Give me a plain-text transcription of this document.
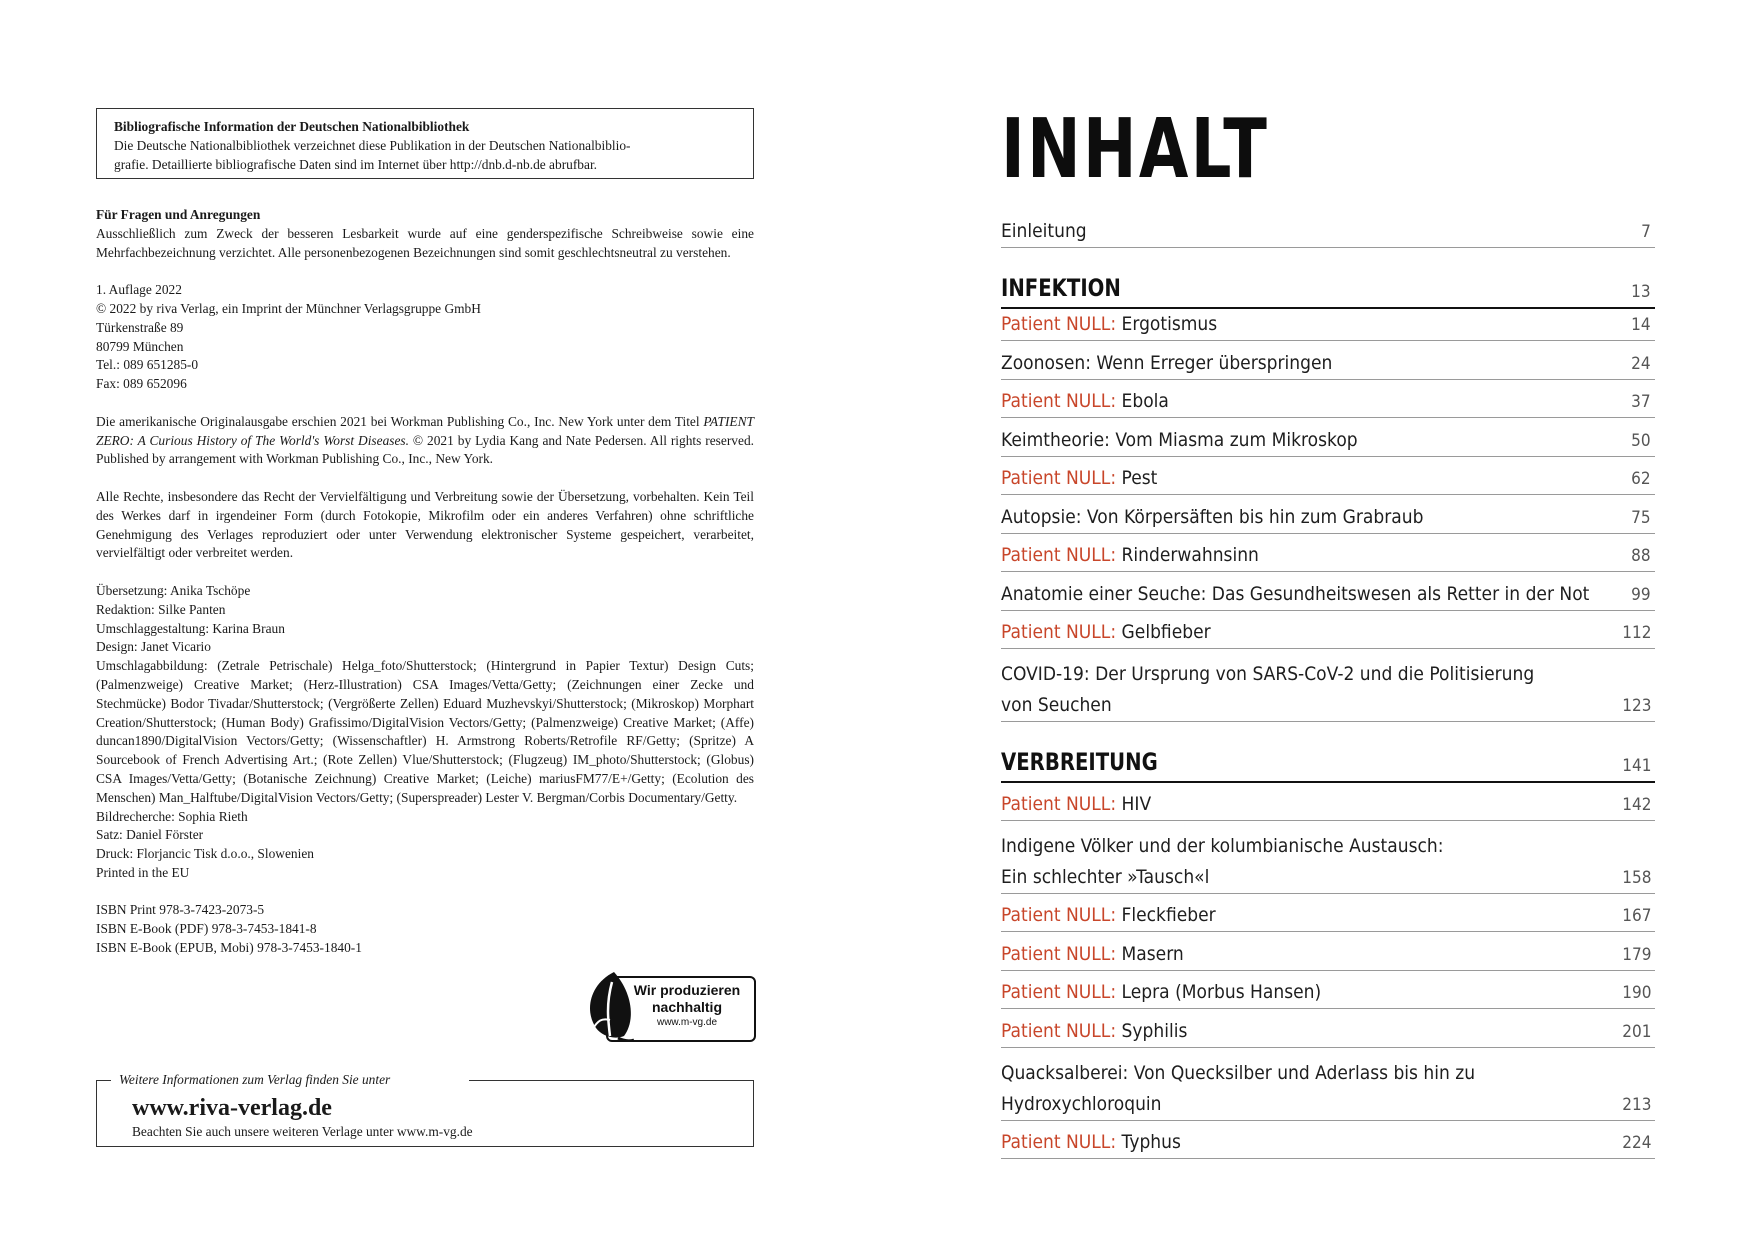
Bibliografische Information der Deutschen Nationalbibliothek
Die Deutsche Nationalbibliothek verzeichnet diese Publikation in der Deutschen Nationalbiblio-
grafie. Detaillierte bibliografische Daten sind im Internet über http://dnb.d-nb.de abrufbar.
Für Fragen und Anregungen
Ausschließlich zum Zweck der besseren Lesbarkeit wurde auf eine genderspezifische Schreibweise sowie eine Mehrfachbezeichnung verzichtet. Alle personenbezogenen Bezeichnungen sind somit geschlechtsneutral zu verstehen.
1. Auflage 2022
© 2022 by riva Verlag, ein Imprint der Münchner Verlagsgruppe GmbH
Türkenstraße 89
80799 München
Tel.: 089 651285-0
Fax: 089 652096
Die amerikanische Originalausgabe erschien 2021 bei Workman Publishing Co., Inc. New York unter dem Titel PATIENT ZERO: A Curious History of The World's Worst Diseases. © 2021 by Lydia Kang and Nate Pedersen. All rights reserved. Published by arrangement with Workman Publishing Co., Inc., New York.
Alle Rechte, insbesondere das Recht der Vervielfältigung und Verbreitung sowie der Übersetzung, vorbehalten. Kein Teil des Werkes darf in irgendeiner Form (durch Fotokopie, Mikrofilm oder ein anderes Verfahren) ohne schriftliche Genehmigung des Verlages reproduziert oder unter Verwendung elektronischer Systeme gespeichert, verarbeitet, vervielfältigt oder verbreitet werden.
Übersetzung: Anika Tschöpe
Redaktion: Silke Panten
Umschlaggestaltung: Karina Braun
Design: Janet Vicario
Umschlagabbildung: (Zetrale Petrischale) Helga_foto/Shutterstock; (Hintergrund in Papier Textur) Design Cuts; (Palmenzweige) Creative Market; (Herz-Illustration) CSA Images/Vetta/Getty; (Zeichnungen einer Zecke und Stechmücke) Bodor Tivadar/Shutterstock; (Vergrößerte Zellen) Eduard Muzhevskyi/Shutterstock; (Mikroskop) Morphart Creation/Shutterstock; (Human Body) Grafissimo/DigitalVision Vectors/Getty; (Palmenzweige) Creative Market; (Affe) duncan1890/DigitalVision Vectors/Getty; (Wissenschaftler) H. Armstrong Roberts/Retrofile RF/Getty; (Spritze) A Sourcebook of French Advertising Art.; (Rote Zellen) Vlue/Shutterstock; (Flugzeug) IM_photo/Shutterstock; (Globus) CSA Images/Vetta/Getty; (Botanische Zeichnung) Creative Market; (Leiche) mariusFM77/E+/Getty; (Ecolution des Menschen) Man_Halftube/DigitalVision Vectors/Getty; (Superspreader) Lester V. Bergman/Corbis Documentary/Getty.
Bildrecherche: Sophia Rieth
Satz: Daniel Förster
Druck: Florjancic Tisk d.o.o., Slowenien
Printed in the EU
ISBN Print 978-3-7423-2073-5
ISBN E-Book (PDF) 978-3-7453-1841-8
ISBN E-Book (EPUB, Mobi) 978-3-7453-1840-1
Wir produzieren
nachhaltig
www.m-vg.de
Weitere Informationen zum Verlag finden Sie unter
www.riva-verlag.de
Beachten Sie auch unsere weiteren Verlage unter www.m-vg.de
INHALT
Einleitung	7
INFEKTION	13
Patient NULL: Ergotismus	14
Zoonosen: Wenn Erreger überspringen	24
Patient NULL: Ebola	37
Keimtheorie: Vom Miasma zum Mikroskop	50
Patient NULL: Pest	62
Autopsie: Von Körpersäften bis hin zum Grabraub	75
Patient NULL: Rinderwahnsinn	88
Anatomie einer Seuche: Das Gesundheitswesen als Retter in der Not 99
Patient NULL: Gelbfieber	112
COVID-19: Der Ursprung von SARS-CoV-2 und die Politisierung
von Seuchen	123
VERBREITUNG	141
Patient NULL: HIV	142
Indigene Völker und der kolumbianische Austausch:
Ein schlechter »Tausch«l	158
Patient NULL: Fleckfieber	167
Patient NULL: Masern	179
Patient NULL: Lepra (Morbus Hansen)	190
Patient NULL: Syphilis	201
Quacksalberei: Von Quecksilber und Aderlass bis hin zu
Hydroxychloroquin	213
Patient NULL: Typhus	224
